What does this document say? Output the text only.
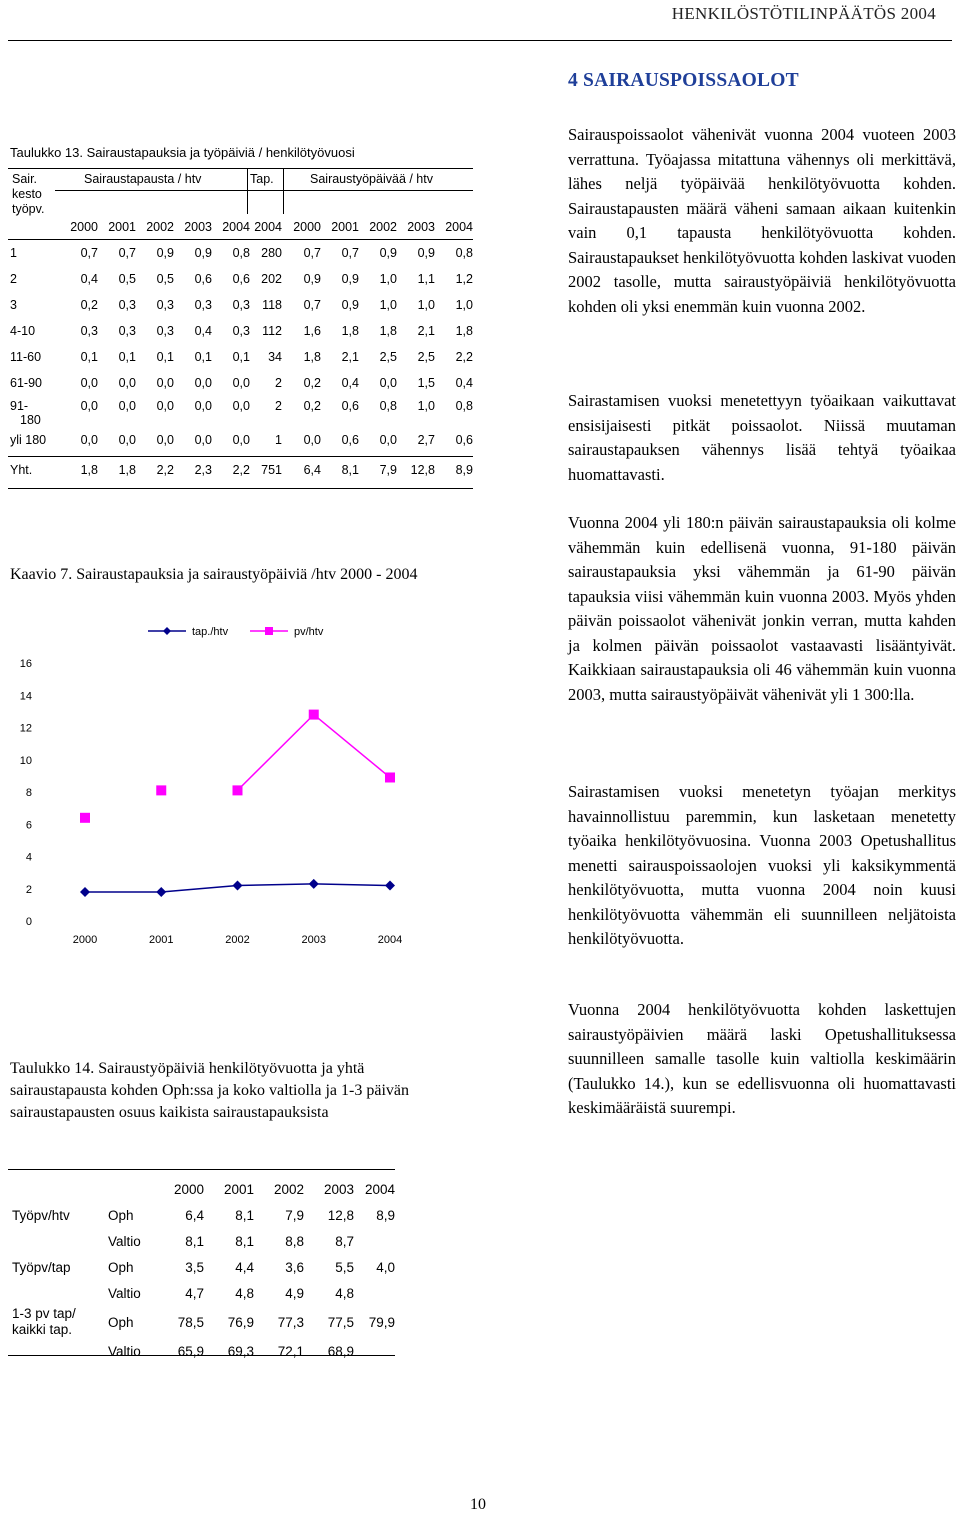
HENKILÖSTÖTILINPÄÄTÖS 2004
4 SAIRAUSPOISSAOLOT
Taulukko 13. Sairaustapauksia ja työpäiviä / henkilötyövuosi
Sair.
kesto
työpv.
Sairaustapausta / htv	Tap.	Sairaustyöpäivää / htv

	2000	2001	2002	2003	2004	2004	2000	2001	2002	2003	2004

1	0,7	0,7	0,9	0,9	0,8	280	0,7	0,7	0,9	0,9	0,8

2	0,4	0,5	0,5	0,6	0,6	202	0,9	0,9	1,0	1,1	1,2

3	0,2	0,3	0,3	0,3	0,3	118	0,7	0,9	1,0	1,0	1,0

4-10	0,3	0,3	0,3	0,4	0,3	112	1,6	1,8	1,8	2,1	1,8

11-60	0,1	0,1	0,1	0,1	0,1	34	1,8	2,1	2,5	2,5	2,2

61-90	0,0	0,0	0,0	0,0	0,0	2	0,2	0,4	0,0	1,5	0,4

91-
180	0,0	0,0	0,0	0,0	0,0	2	0,2	0,6	0,8	1,0	0,8

yli 180	0,0	0,0	0,0	0,0	0,0	1	0,0	0,6	0,0	2,7	0,6

Yht.	1,8	1,8	2,2	2,3	2,2	751	6,4	8,1	7,9	12,8	8,9
Kaavio 7. Sairaustapauksia ja sairaustyöpäiviä /htv 2000 - 2004
0
2
4
6
8
10
12
14
16
2000	2001	2002	2003	2004
tap./htv	pv/htv
Taulukko 14. Sairaustyöpäiviä henkilötyövuotta ja yhtä sairaustapausta kohden Oph:ssa ja koko valtiolla ja 1-3 päivän sairaustapausten osuus kaikista sairaustapauksista
		2000	2001	2002	2003	2004

Työpv/htv	Oph	6,4	8,1	7,9	12,8	8,9
	Valtio	8,1	8,1	8,8	8,7	

Työpv/tap	Oph	3,5	4,4	3,6	5,5	4,0
	Valtio	4,7	4,8	4,9	4,8	

1-3 pv tap/
kaikki tap.	Oph	78,5	76,9	77,3	77,5	79,9
	Valtio	65,9	69,3	72,1	68,9	
Sairauspoissaolot vähenivät vuonna 2004 vuoteen 2003 verrattuna. Työajassa mitattuna vähennys oli merkittävä, lähes neljä työpäivää henkilötyövuotta kohden. Sairaustapausten määrä väheni samaan aikaan kuitenkin vain 0,1 tapausta henkilötyövuotta kohden. Sairaustapaukset henkilötyövuotta kohden laskivat vuoden 2002 tasolle, mutta sairaustyöpäiviä henkilötyövuotta kohden oli yksi enemmän kuin vuonna 2002.
Sairastamisen vuoksi menetettyyn työaikaan vaikuttavat ensisijaisesti pitkät poissaolot. Niissä muutaman sairaustapauksen vähennys lisää tehtyä työaikaa huomattavasti.
Vuonna 2004 yli 180:n päivän sairaustapauksia oli kolme vähemmän kuin edellisenä vuonna, 91-180 päivän sairaustapauksia yksi vähemmän ja 61-90 päivän tapauksia viisi vähemmän kuin vuonna 2003. Myös yhden päivän poissaolot vähenivät jonkin verran, mutta kahden ja kolmen päivän poissaolot vastaavasti lisääntyivät. Kaikkiaan sairaustapauksia oli 46 vähemmän kuin vuonna 2003, mutta sairaustyöpäivät vähenivät yli 1 300:lla.
Sairastamisen vuoksi menetetyn työajan merkitys havainnollistuu paremmin, kun lasketaan menetetty työaika henkilötyövuosina. Vuonna 2003 Opetushallitus menetti sairauspoissaolojen vuoksi yli kaksikymmentä henkilötyövuotta, mutta vuonna 2004 noin kuusi henkilötyövuotta vähemmän eli suunnilleen neljätoista henkilötyövuotta.
Vuonna 2004 henkilötyövuotta kohden laskettujen sairaustyöpäivien määrä laski Opetushallituksessa suunnilleen samalle tasolle kuin valtiolla keskimäärin (Taulukko 14.), kun se edellisvuonna oli huomattavasti keskimääräistä suurempi.
10
